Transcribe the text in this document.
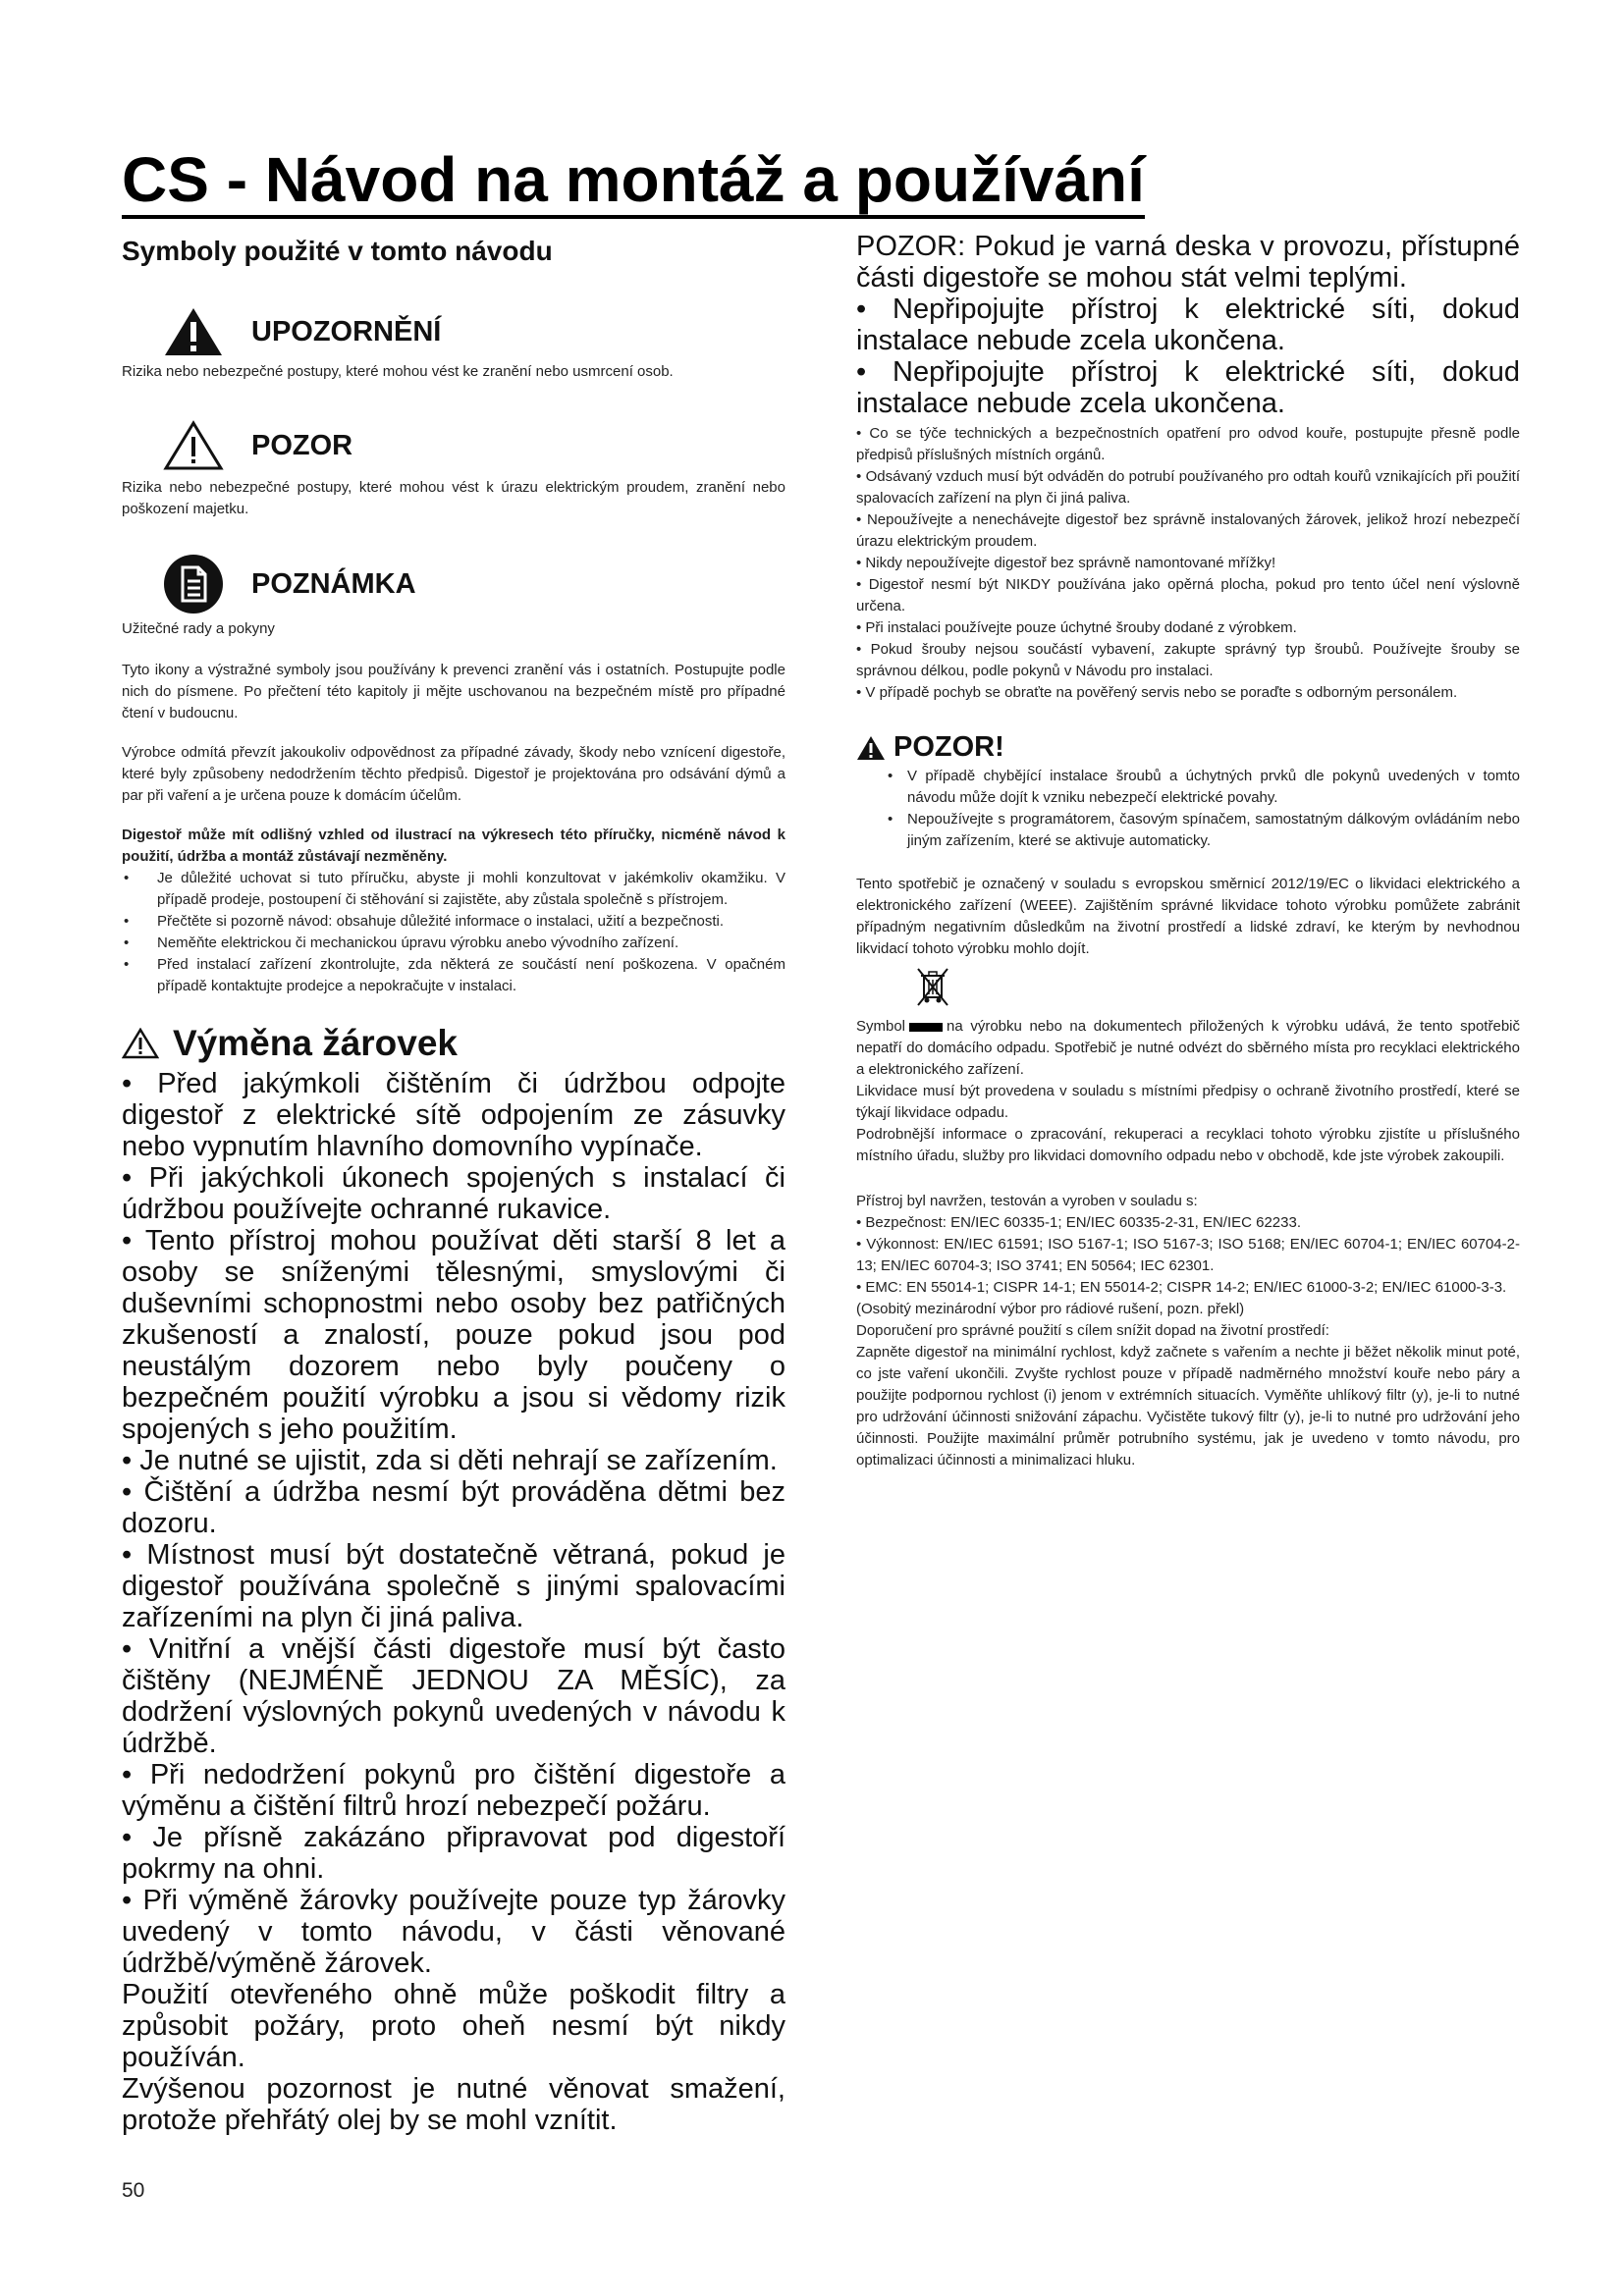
CS - Návod na montáž a používání

Symboly použité v tomto návodu

UPOZORNĚNÍ

Rizika nebo nebezpečné postupy, které mohou vést ke zranění nebo usmrcení osob.

POZOR

Rizika nebo nebezpečné postupy, které mohou vést k úrazu elektrickým proudem, zranění nebo poškození majetku.

POZNÁMKA

Užitečné rady a pokyny

Tyto ikony a výstražné symboly jsou používány k prevenci zranění vás i ostatních. Postupujte podle nich do písmene. Po přečtení této kapitoly ji mějte uschovanou na bezpečném místě pro případné čtení v budoucnu.

Výrobce odmítá převzít jakoukoliv odpovědnost za případné závady, škody nebo vznícení digestoře, které byly způsobeny nedodržením těchto předpisů. Digestoř je projektována pro odsávání dýmů a par při vaření a je určena pouze k domácím účelům.

Digestoř může mít odlišný vzhled od ilustrací na výkresech této příručky, nicméně návod k použití, údržba a montáž zůstávají nezměněny.

• Je důležité uchovat si tuto příručku, abyste ji mohli konzultovat v jakémkoliv okamžiku. V případě prodeje, postoupení či stěhování si zajistěte, aby zůstala společně s přístrojem.
• Přečtěte si pozorně návod: obsahuje důležité informace o instalaci, užití a bezpečnosti.
• Neměňte elektrickou či mechanickou úpravu výrobku anebo vývodního zařízení.
• Před instalací zařízení zkontrolujte, zda některá ze součástí není poškozena. V opačném případě kontaktujte prodejce a nepokračujte v instalaci.
Výměna žárovek

• Před jakýmkoli čištěním či údržbou odpojte digestoř z elektrické sítě odpojením ze zásuvky nebo vypnutím hlavního domovního vypínače.

• Při jakýchkoli úkonech spojených s instalací či údržbou používejte ochranné rukavice.

• Tento přístroj mohou používat děti starší 8 let a osoby se sníženými tělesnými, smyslovými či duševními schopnostmi nebo osoby bez patřičných zkušeností a znalostí, pouze pokud jsou pod neustálým dozorem nebo byly poučeny o bezpečném použití výrobku a jsou si vědomy rizik spojených s jeho použitím.

• Je nutné se ujistit, zda si děti nehrají se zařízením.

• Čištění a údržba nesmí být prováděna dětmi bez dozoru.

• Místnost musí být dostatečně větraná, pokud je digestoř používána společně s jinými spalovacími zařízeními na plyn či jiná paliva.

• Vnitřní a vnější části digestoře musí být často čištěny (NEJMÉNĚ JEDNOU ZA MĚSÍC), za dodržení výslovných pokynů uvedených v návodu k údržbě.

• Při nedodržení pokynů pro čištění digestoře a výměnu a čištění filtrů hrozí nebezpečí požáru.

• Je přísně zakázáno připravovat pod digestoří pokrmy na ohni.

• Při výměně žárovky používejte pouze typ žárovky uvedený v tomto návodu, v části věnované údržbě/výměně žárovek.

Použití otevřeného ohně může poškodit filtry a způsobit požáry, proto oheň nesmí být nikdy používán.

Zvýšenou pozornost je nutné věnovat smažení, protože přehřátý olej by se mohl vznítit.

POZOR: Pokud je varná deska v provozu, přístupné části digestoře se mohou stát velmi teplými.

• Nepřipojujte přístroj k elektrické síti, dokud instalace nebude zcela ukončena.

• Nepřipojujte přístroj k elektrické síti, dokud instalace nebude zcela ukončena.

• Co se týče technických a bezpečnostních opatření pro odvod kouře, postupujte přesně podle předpisů příslušných místních orgánů.

• Odsávaný vzduch musí být odváděn do potrubí používaného pro odtah kouřů vznikajících při použití spalovacích zařízení na plyn či jiná paliva.

• Nepoužívejte a nenechávejte digestoř bez správně instalovaných žárovek, jelikož hrozí nebezpečí úrazu elektrickým proudem.

• Nikdy nepoužívejte digestoř bez správně namontované mřížky!

• Digestoř nesmí být NIKDY používána jako opěrná plocha, pokud pro tento účel není výslovně určena.

• Při instalaci používejte pouze úchytné šrouby dodané z výrobkem.

• Pokud šrouby nejsou součástí vybavení, zakupte správný typ šroubů. Používejte šrouby se správnou délkou, podle pokynů v Návodu pro instalaci.

• V případě pochyb se obraťte na pověřený servis nebo se poraďte s odborným personálem.

POZOR!
• V případě chybějící instalace šroubů a úchytných prvků dle pokynů uvedených v tomto návodu může dojít k vzniku nebezpečí elektrické povahy.
• Nepoužívejte s programátorem, časovým spínačem, samostatným dálkovým ovládáním nebo jiným zařízením, které se aktivuje automaticky.

Tento spotřebič je označený v souladu s evropskou směrnicí 2012/19/EC o likvidaci elektrického a elektronického zařízení (WEEE). Zajištěním správné likvidace tohoto výrobku pomůžete zabránit případným negativním důsledkům na životní prostředí a lidské zdraví, ke kterým by nevhodnou likvidací tohoto výrobku mohlo dojít.

Symbol	na výrobku nebo na dokumentech přiložených k výrobku udává, že tento spotřebič nepatří do domácího odpadu. Spotřebič je nutné odvézt do sběrného místa pro recyklaci elektrického a elektronického zařízení.

Likvidace musí být provedena v souladu s místními předpisy o ochraně životního prostředí, které se týkají likvidace odpadu.

Podrobnější informace o zpracování, rekuperaci a recyklaci tohoto výrobku zjistíte u příslušného místního úřadu, služby pro likvidaci domovního odpadu nebo v obchodě, kde jste výrobek zakoupili.

Přístroj byl navržen, testován a vyroben v souladu s:

• Bezpečnost: EN/IEC 60335-1; EN/IEC 60335-2-31, EN/IEC 62233.

• Výkonnost: EN/IEC 61591; ISO 5167-1; ISO 5167-3; ISO 5168; EN/IEC 60704-1; EN/IEC 60704-2-13; EN/IEC 60704-3; ISO 3741; EN 50564; IEC 62301.

• EMC: EN 55014-1; CISPR 14-1; EN 55014-2; CISPR 14-2; EN/IEC 61000-3-2; EN/IEC 61000-3-3.

(Osobitý mezinárodní výbor pro rádiové rušení, pozn. překl)

Doporučení pro správné použití s cílem snížit dopad na životní prostředí:

Zapněte digestoř na minimální rychlost, když začnete s vařením a nechte ji běžet několik minut poté, co jste vaření ukončili. Zvyšte rychlost pouze v případě nadměrného množství kouře nebo páry a použijte podpornou rychlost (i) jenom v extrémních situacích. Vyměňte uhlíkový filtr (y), je-li to nutné pro udržování účinnosti snižování zápachu. Vyčistěte tukový filtr (y), je-li to nutné pro udržování jeho účinnosti. Použijte maximální průměr potrubního systému, jak je uvedeno v tomto návodu, pro optimalizaci účinnosti a minimalizaci hluku.

50
